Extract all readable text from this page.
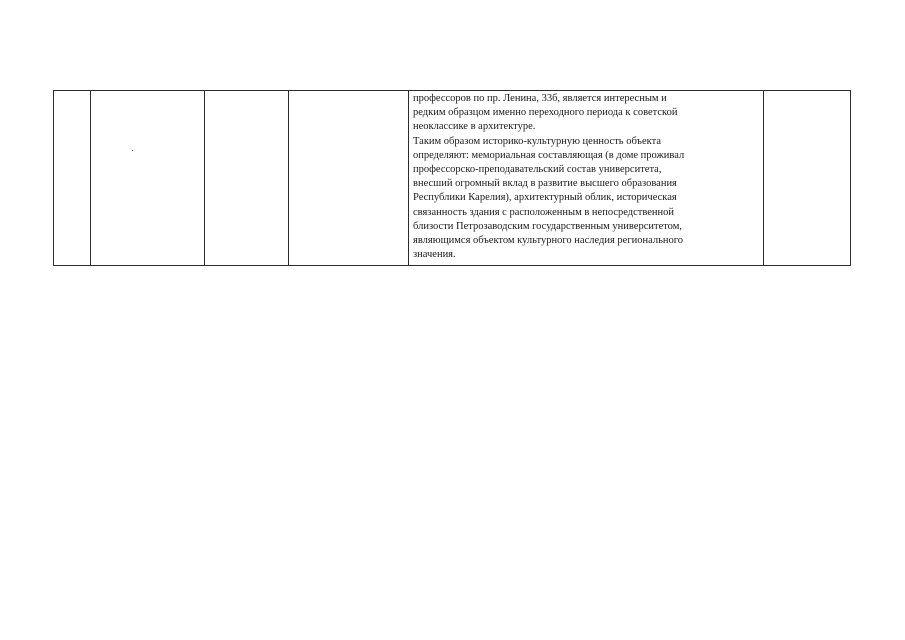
профессоров по пр. Ленина, 33б, является интересным и
редким образцом именно переходного периода к советской
неоклассике в архитектуре.
Таким образом историко-культурную ценность объекта
определяют: мемориальная составляющая (в доме проживал
профессорско-преподавательский состав университета,
внесший огромный вклад в развитие высшего образования
Республики Карелия), архитектурный облик, историческая
связанность здания с расположенным в непосредственной
близости Петрозаводским государственным университетом,
являющимся объектом культурного наследия регионального
значения.
